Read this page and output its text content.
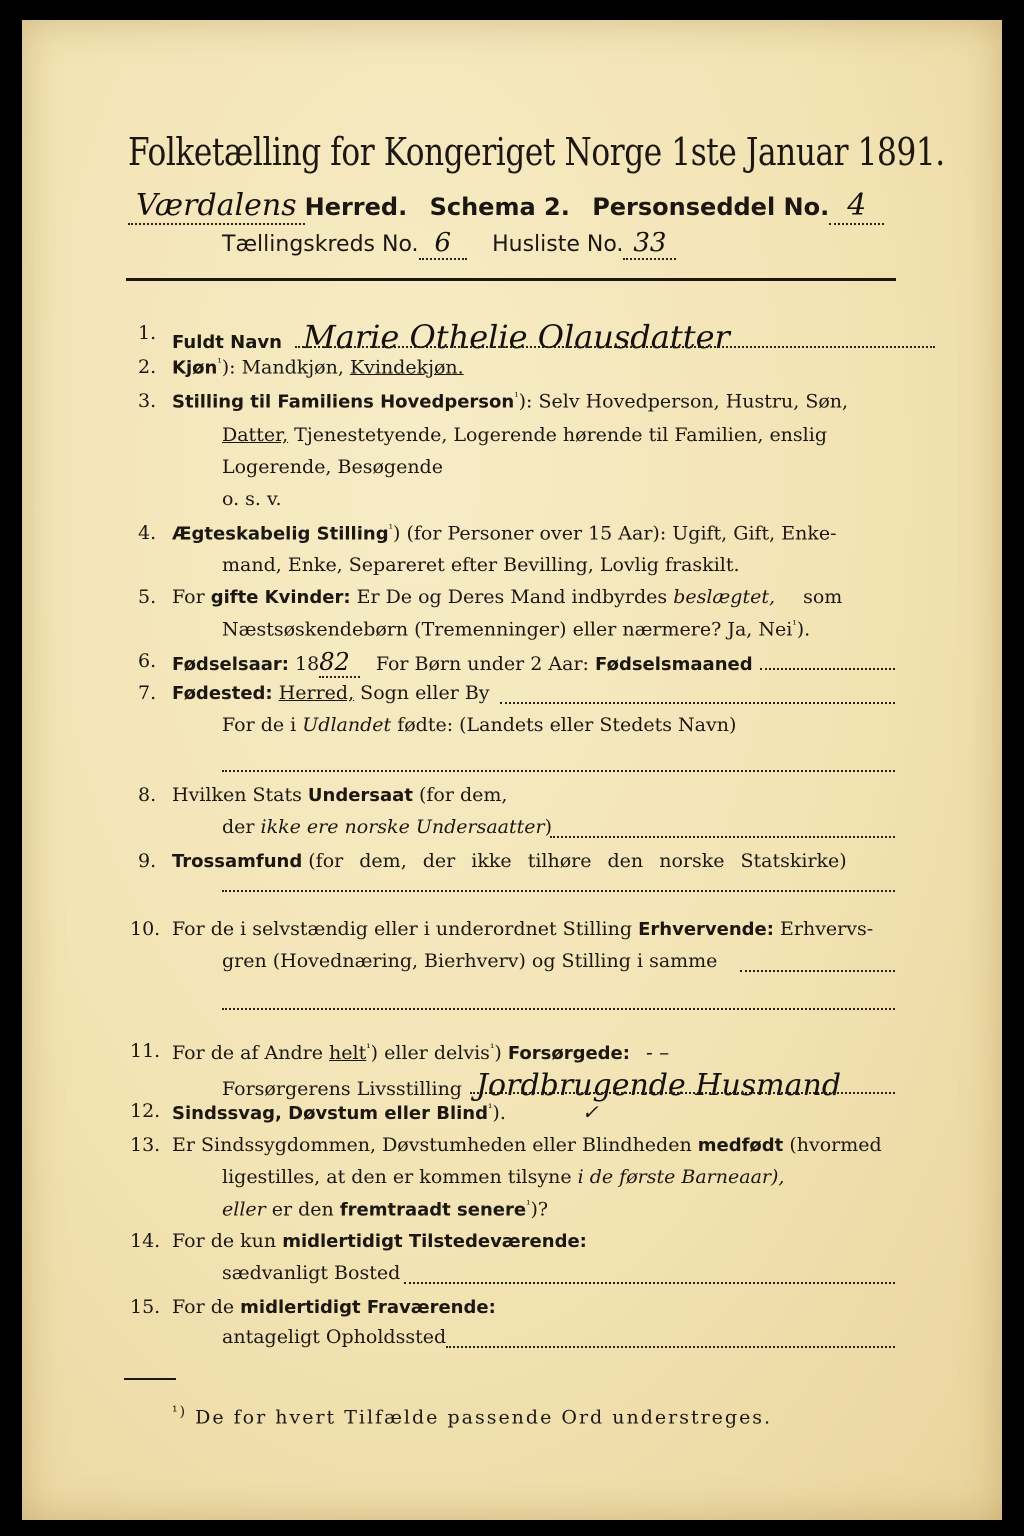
Folketælling for Kongeriget Norge 1ste Januar 1891.
Værdalens Herred. Schema 2. Personseddel No. 4
Tællingskreds No. 6 Husliste No. 33
1. Fuldt Navn Marie Othelie Olausdatter
2. Kjøn$^{^1}$): Mandkjøn, Kvindekjøn.
3. Stilling til Familiens Hovedperson$^{^1}$): Selv Hovedperson, Hustru, Søn,
Datter, Tjenestetyende, Logerende hørende til Familien, enslig
Logerende, Besøgende
o. s. v.
4. Ægteskabelig Stilling$^{^1}$) (for Personer over 15 Aar): Ugift, Gift, Enke-
mand, Enke, Separeret efter Bevilling, Lovlig fraskilt.
5. For gifte Kvinder: Er De og Deres Mand indbyrdes beslægtet, som
Næstsøskendebørn (Tremenninger) eller nærmere? Ja, Nei$^{^1}$).
6. Fødselsaar: 1882 For Børn under 2 Aar: Fødselsmaaned
7. Fødested: Herred, Sogn eller By
For de i Udlandet fødte: (Landets eller Stedets Navn)
8. Hvilken Stats Undersaat (for dem,
der ikke ere norske Undersaatter)
9. Trossamfund (for dem, der ikke tilhøre den norske Statskirke)
10. For de i selvstændig eller i underordnet Stilling Erhvervende: Erhvervs-
gren (Hovednæring, Bierhverv) og Stilling i samme
11. For de af Andre helt$^{^1}$) eller delvis$^{^1}$) Forsørgede: - –
Forsørgerens Livsstilling Jordbrugende Husmand
12. Sindssvag, Døvstum eller Blind$^{^1}$).	✓
13. Er Sindssygdommen, Døvstumheden eller Blindheden medfødt (hvormed
ligestilles, at den er kommen tilsyne i de første Barneaar),
eller er den fremtraadt senere$^{^1}$)?
14. For de kun midlertidigt Tilstedeværende:
sædvanligt Bosted
15. For de midlertidigt Fraværende:
antageligt Opholdssted
$^{^1)}$ De for hvert Tilfælde passende Ord understreges.
